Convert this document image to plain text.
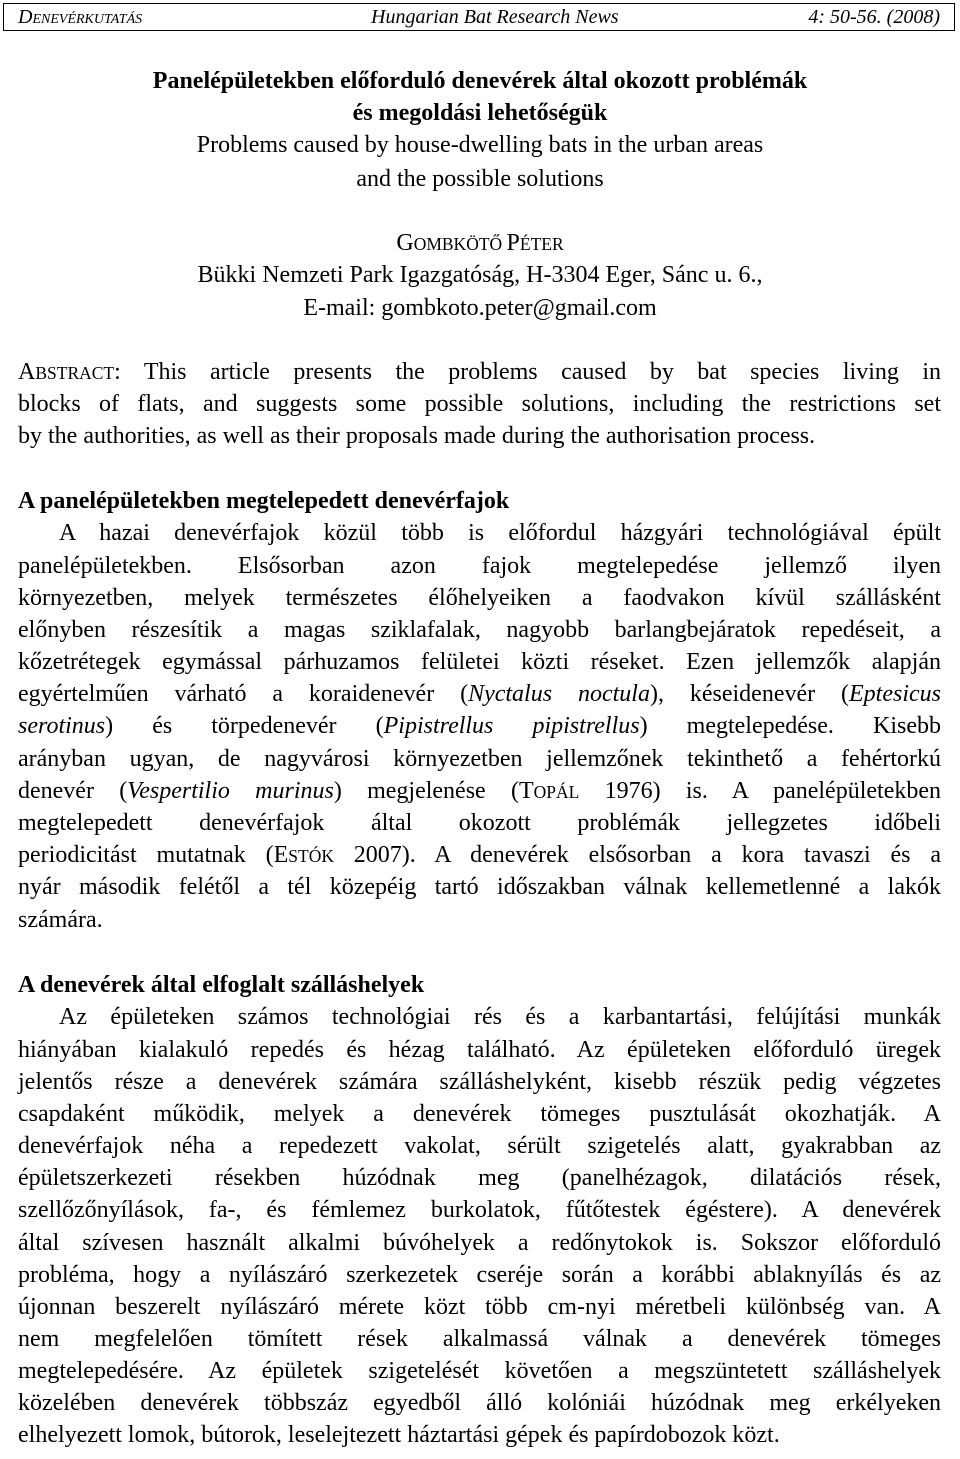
DENEVÉRKUTATÁS	Hungarian Bat Research News	4: 50-56. (2008)
Panelépületekben előforduló denevérek által okozott problémák
és megoldási lehetőségük
Problems caused by house-dwelling bats in the urban areas
and the possible solutions
GOMBKÖTŐ PÉTER
Bükki Nemzeti Park Igazgatóság, H-3304 Eger, Sánc u. 6.,
E-mail: gombkoto.peter@gmail.com
ABSTRACT: This article presents the problems caused by bat species living in
blocks of flats, and suggests some possible solutions, including the restrictions set
by the authorities, as well as their proposals made during the authorisation process.
A panelépületekben megtelepedett denevérfajok
A hazai denevérfajok közül több is előfordul házgyári technológiával épült
panelépületekben. Elsősorban azon fajok megtelepedése jellemző ilyen
környezetben, melyek természetes élőhelyeiken a faodvakon kívül szállásként
előnyben részesítik a magas sziklafalak, nagyobb barlangbejáratok repedéseit, a
kőzetrétegek egymással párhuzamos felületei közti réseket. Ezen jellemzők alapján
egyértelműen várható a koraidenevér (Nyctalus noctula), késeidenevér (Eptesicus
serotinus) és törpedenevér (Pipistrellus pipistrellus) megtelepedése. Kisebb
arányban ugyan, de nagyvárosi környezetben jellemzőnek tekinthető a fehértorkú
denevér (Vespertilio murinus) megjelenése (TOPÁL 1976) is. A panelépületekben
megtelepedett denevérfajok által okozott problémák jellegzetes időbeli
periodicitást mutatnak (ESTÓK 2007). A denevérek elsősorban a kora tavaszi és a
nyár második felétől a tél közepéig tartó időszakban válnak kellemetlenné a lakók
számára.
A denevérek által elfoglalt szálláshelyek
Az épületeken számos technológiai rés és a karbantartási, felújítási munkák
hiányában kialakuló repedés és hézag található. Az épületeken előforduló üregek
jelentős része a denevérek számára szálláshelyként, kisebb részük pedig végzetes
csapdaként működik, melyek a denevérek tömeges pusztulását okozhatják. A
denevérfajok néha a repedezett vakolat, sérült szigetelés alatt, gyakrabban az
épületszerkezeti résekben húzódnak meg (panelhézagok, dilatációs rések,
szellőzőnyílások, fa-, és fémlemez burkolatok, fűtőtestek égéstere). A denevérek
által szívesen használt alkalmi búvóhelyek a redőnytokok is. Sokszor előforduló
probléma, hogy a nyílászáró szerkezetek cseréje során a korábbi ablaknyílás és az
újonnan beszerelt nyílászáró mérete közt több cm-nyi méretbeli különbség van. A
nem megfelelően tömített rések alkalmassá válnak a denevérek tömeges
megtelepedésére. Az épületek szigetelését követően a megszüntetett szálláshelyek
közelében denevérek többszáz egyedből álló kolóniái húzódnak meg erkélyeken
elhelyezett lomok, bútorok, leselejtezett háztartási gépek és papírdobozok közt.
